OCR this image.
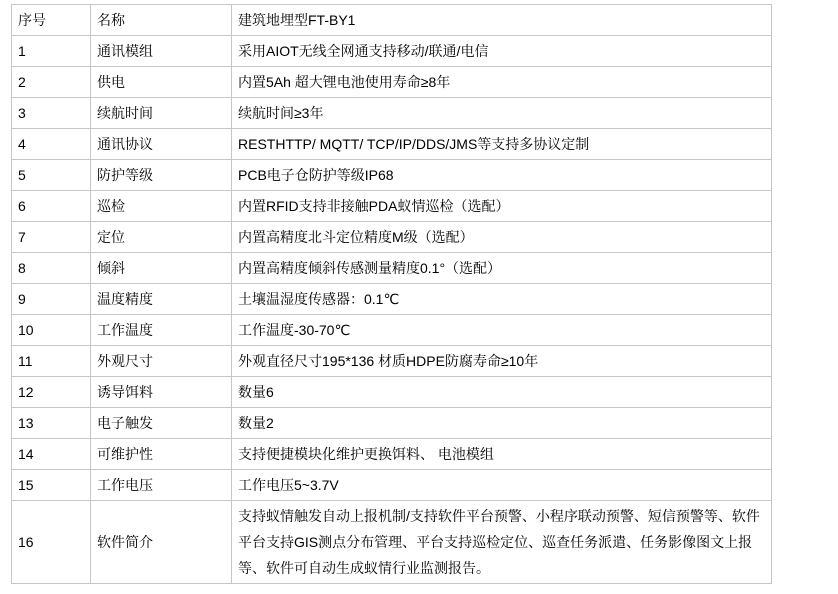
序号	名称	建筑地埋型FT-BY1
1	通讯模组	采用AIOT无线全网通支持移动/联通/电信
2	供电	内置5Ah 超大锂电池使用寿命≥8年
3	续航时间	续航时间≥3年
4	通讯协议	RESTHTTP/ MQTT/ TCP/IP/DDS/JMS等支持多协议定制
5	防护等级	PCB电子仓防护等级IP68
6	巡检	内置RFID支持非接触PDA蚁情巡检（选配）
7	定位	内置高精度北斗定位精度M级（选配）
8	倾斜	内置高精度倾斜传感测量精度0.1°（选配）
9	温度精度	土壤温湿度传感器：0.1℃
10	工作温度	工作温度-30-70℃
11	外观尺寸	外观直径尺寸195*136 材质HDPE防腐寿命≥10年
12	诱导饵料	数量6
13	电子触发	数量2
14	可维护性	支持便捷模块化维护更换饵料、 电池模组
15	工作电压	工作电压5~3.7V
16	软件简介	支持蚁情触发自动上报机制/支持软件平台预警、小程序联动预警、短信预警等、软件平台支持GIS测点分布管理、平台支持巡检定位、巡查任务派遣、任务影像图文上报等、软件可自动生成蚁情行业监测报告。
